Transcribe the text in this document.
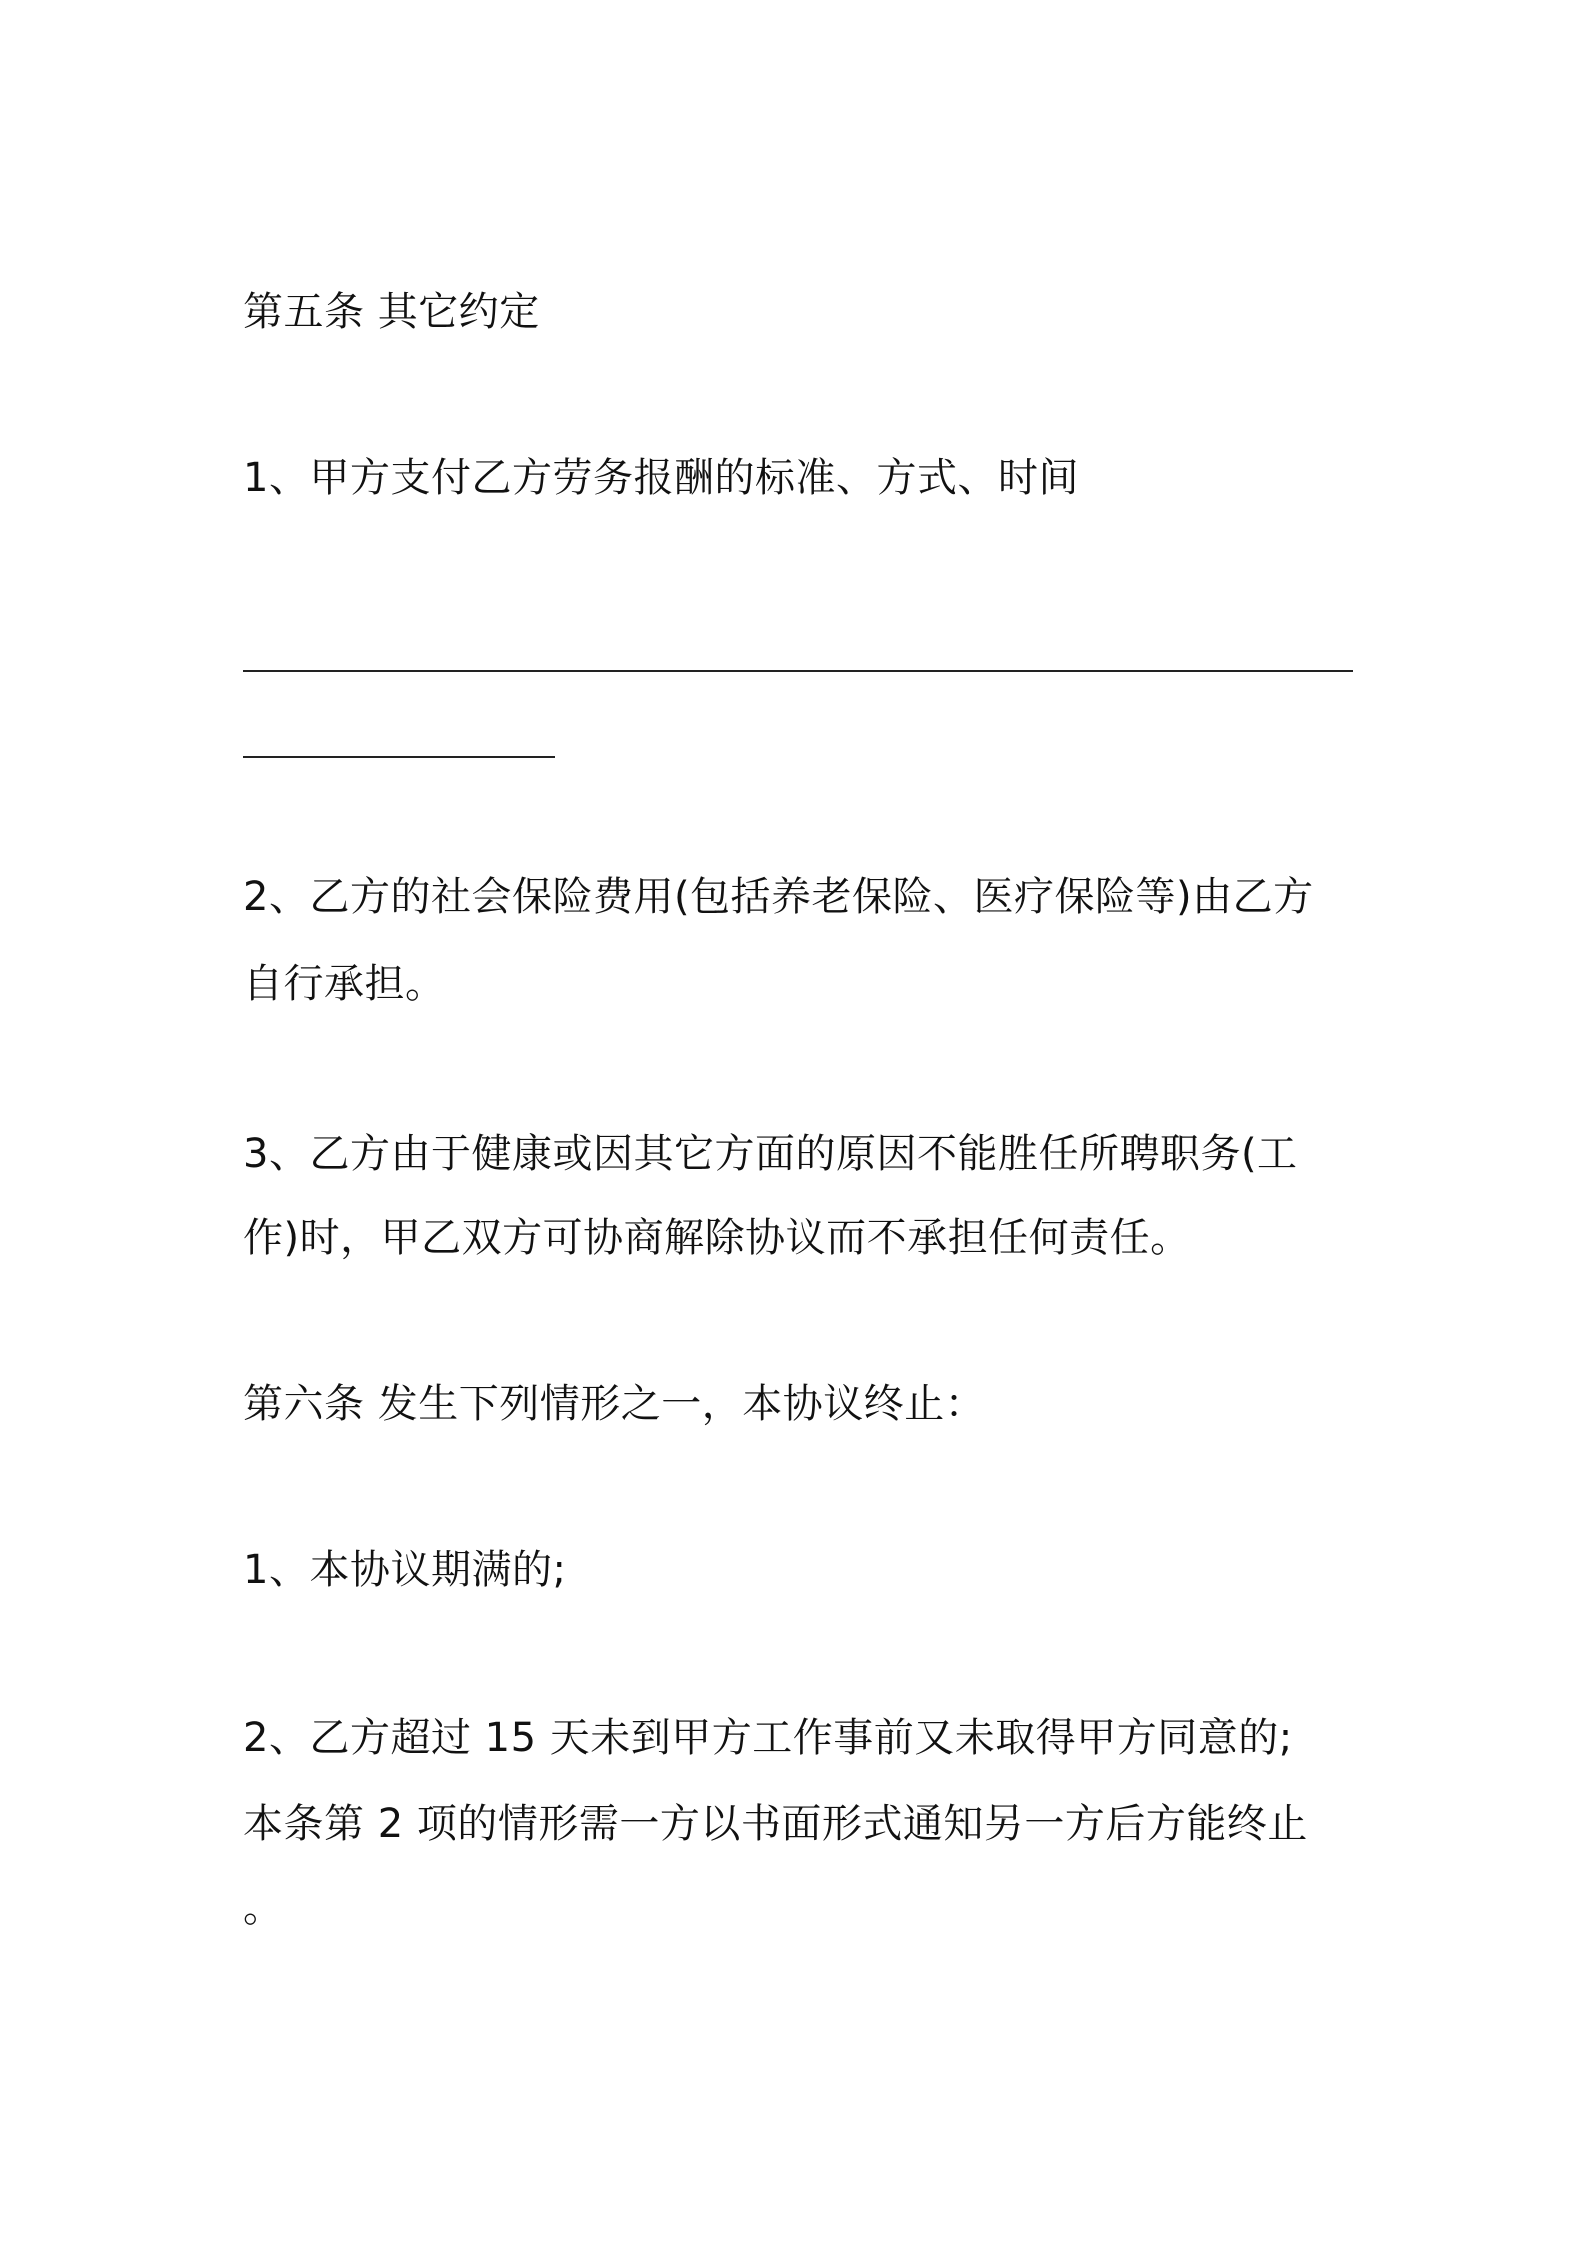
第五条 其它约定

1、甲方支付乙方劳务报酬的标准、方式、时间

2、乙方的社会保险费用(包括养老保险、医疗保险等)由乙方

自行承担。

3、乙方由于健康或因其它方面的原因不能胜任所聘职务(工

作)时，甲乙双方可协商解除协议而不承担任何责任。

第六条 发生下列情形之一，本协议终止：

1、本协议期满的;

2、乙方超过 15 天未到甲方工作事前又未取得甲方同意的;

本条第 2 项的情形需一方以书面形式通知另一方后方能终止

。
